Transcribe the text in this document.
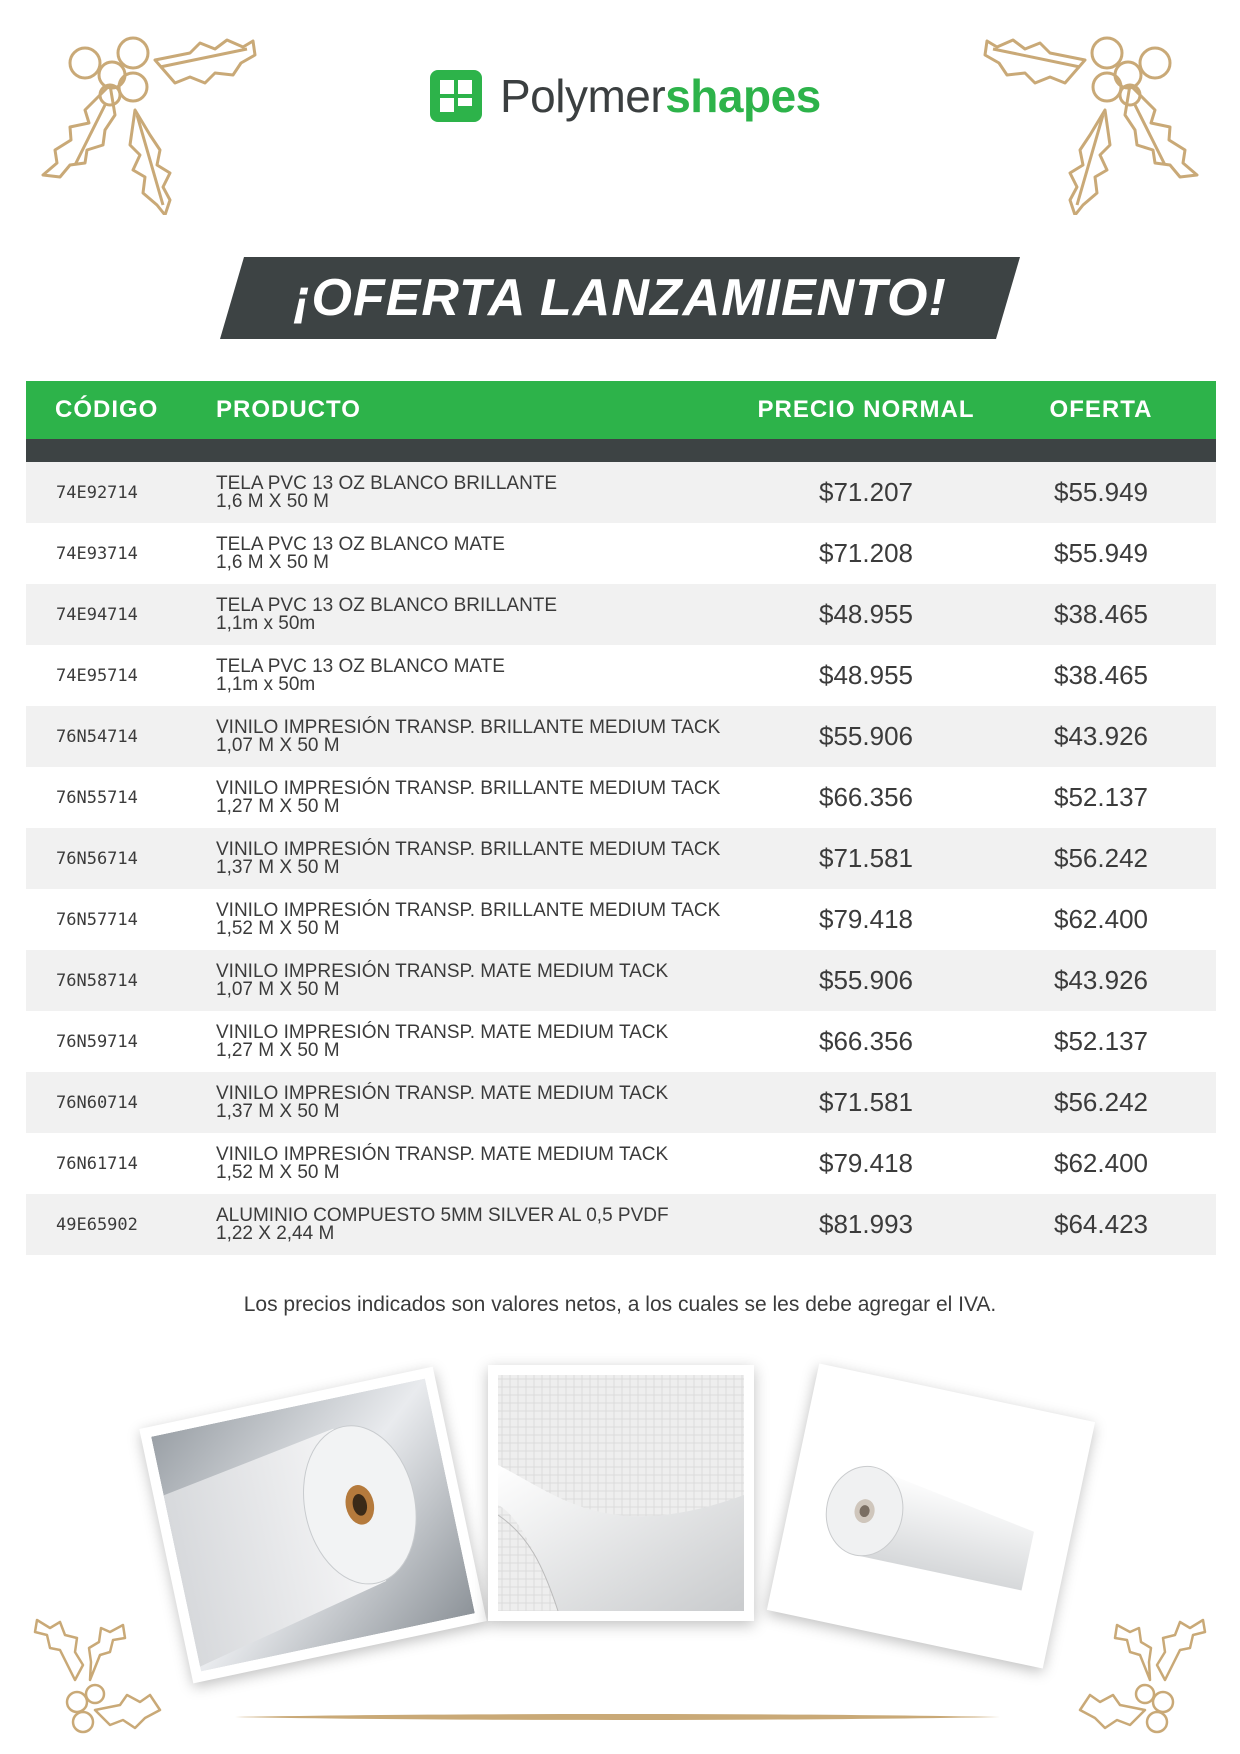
Polymershapes
¡OFERTA LANZAMIENTO!
CÓDIGO	PRODUCTO	PRECIO NORMAL	OFERTA
74E92714	TELA PVC 13 OZ BLANCO BRILLANTE
1,6 M X 50 M	$71.207	$55.949
74E93714	TELA PVC 13 OZ BLANCO MATE
1,6 M X 50 M	$71.208	$55.949
74E94714	TELA PVC 13 OZ BLANCO BRILLANTE
1,1m x 50m	$48.955	$38.465
74E95714	TELA PVC 13 OZ BLANCO MATE
1,1m x 50m	$48.955	$38.465
76N54714	VINILO IMPRESIÓN TRANSP. BRILLANTE MEDIUM TACK
1,07 M X 50 M	$55.906	$43.926
76N55714	VINILO IMPRESIÓN TRANSP. BRILLANTE MEDIUM TACK
1,27 M X 50 M	$66.356	$52.137
76N56714	VINILO IMPRESIÓN TRANSP. BRILLANTE MEDIUM TACK
1,37 M X 50 M	$71.581	$56.242
76N57714	VINILO IMPRESIÓN TRANSP. BRILLANTE MEDIUM TACK
1,52 M X 50 M	$79.418	$62.400
76N58714	VINILO IMPRESIÓN TRANSP. MATE MEDIUM TACK
1,07 M X 50 M	$55.906	$43.926
76N59714	VINILO IMPRESIÓN TRANSP. MATE MEDIUM TACK
1,27 M X 50 M	$66.356	$52.137
76N60714	VINILO IMPRESIÓN TRANSP. MATE MEDIUM TACK
1,37 M X 50 M	$71.581	$56.242
76N61714	VINILO IMPRESIÓN TRANSP. MATE MEDIUM TACK
1,52 M X 50 M	$79.418	$62.400
49E65902	ALUMINIO COMPUESTO 5MM SILVER AL 0,5 PVDF
1,22 X 2,44 M	$81.993	$64.423
Los precios indicados son valores netos, a los cuales se les debe agregar el IVA.
